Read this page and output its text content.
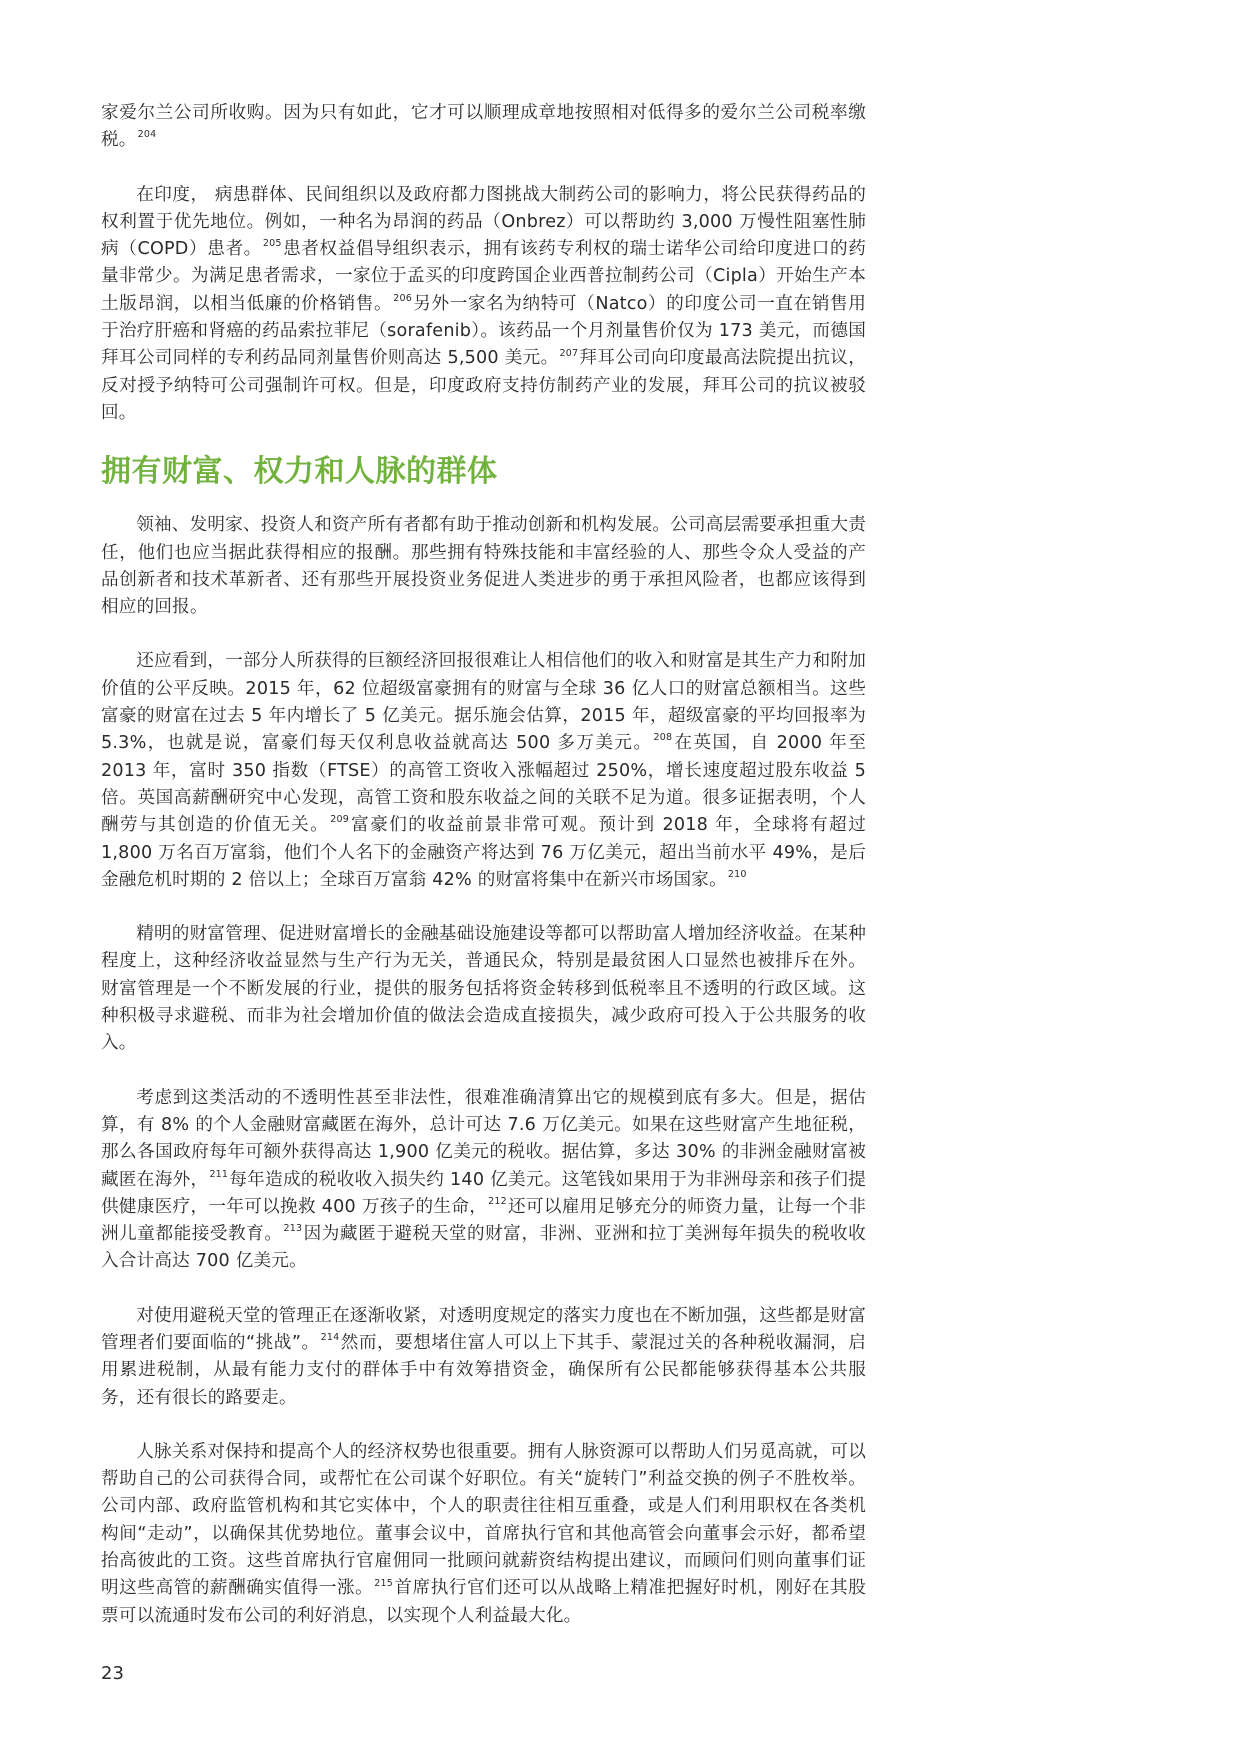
家爱尔兰公司所收购。因为只有如此，它才可以顺理成章地按照相对低得多的爱尔兰公司税率缴税。$^{204}$

在印度， 病患群体、民间组织以及政府都力图挑战大制药公司的影响力，将公民获得药品的权利置于优先地位。例如，一种名为昂润的药品（Onbrez）可以帮助约 3,000 万慢性阻塞性肺病（COPD）患者。$^{205}$患者权益倡导组织表示，拥有该药专利权的瑞士诺华公司给印度进口的药量非常少。为满足患者需求，一家位于孟买的印度跨国企业西普拉制药公司（Cipla）开始生产本土版昂润，以相当低廉的价格销售。$^{206}$另外一家名为纳特可（Natco）的印度公司一直在销售用于治疗肝癌和肾癌的药品索拉菲尼（sorafenib）。该药品一个月剂量售价仅为 173 美元，而德国拜耳公司同样的专利药品同剂量售价则高达 5,500 美元。$^{207}$拜耳公司向印度最高法院提出抗议，反对授予纳特可公司强制许可权。但是，印度政府支持仿制药产业的发展，拜耳公司的抗议被驳回。

拥有财富、权力和人脉的群体

领袖、发明家、投资人和资产所有者都有助于推动创新和机构发展。公司高层需要承担重大责任，他们也应当据此获得相应的报酬。那些拥有特殊技能和丰富经验的人、那些令众人受益的产品创新者和技术革新者、还有那些开展投资业务促进人类进步的勇于承担风险者，也都应该得到相应的回报。

还应看到，一部分人所获得的巨额经济回报很难让人相信他们的收入和财富是其生产力和附加价值的公平反映。2015 年，62 位超级富豪拥有的财富与全球 36 亿人口的财富总额相当。这些富豪的财富在过去 5 年内增长了 5 亿美元。据乐施会估算，2015 年，超级富豪的平均回报率为 5.3%，也就是说，富豪们每天仅利息收益就高达 500 多万美元。$^{208}$在英国，自 2000 年至 2013 年，富时 350 指数（FTSE）的高管工资收入涨幅超过 250%，增长速度超过股东收益 5 倍。英国高薪酬研究中心发现，高管工资和股东收益之间的关联不足为道。很多证据表明，个人酬劳与其创造的价值无关。$^{209}$富豪们的收益前景非常可观。预计到 2018 年，全球将有超过 1,800 万名百万富翁，他们个人名下的金融资产将达到 76 万亿美元，超出当前水平 49%，是后金融危机时期的 2 倍以上；全球百万富翁 42% 的财富将集中在新兴市场国家。$^{210}$

精明的财富管理、促进财富增长的金融基础设施建设等都可以帮助富人增加经济收益。在某种程度上，这种经济收益显然与生产行为无关，普通民众，特别是最贫困人口显然也被排斥在外。财富管理是一个不断发展的行业，提供的服务包括将资金转移到低税率且不透明的行政区域。这种积极寻求避税、而非为社会增加价值的做法会造成直接损失，减少政府可投入于公共服务的收入。

考虑到这类活动的不透明性甚至非法性，很难准确清算出它的规模到底有多大。但是，据估算，有 8% 的个人金融财富藏匿在海外，总计可达 7.6 万亿美元。如果在这些财富产生地征税，那么各国政府每年可额外获得高达 1,900 亿美元的税收。据估算，多达 30% 的非洲金融财富被藏匿在海外，$^{211}$每年造成的税收收入损失约 140 亿美元。这笔钱如果用于为非洲母亲和孩子们提供健康医疗，一年可以挽救 400 万孩子的生命，$^{212}$还可以雇用足够充分的师资力量，让每一个非洲儿童都能接受教育。$^{213}$因为藏匿于避税天堂的财富，非洲、亚洲和拉丁美洲每年损失的税收收入合计高达 700 亿美元。

对使用避税天堂的管理正在逐渐收紧，对透明度规定的落实力度也在不断加强，这些都是财富管理者们要面临的“挑战”。$^{214}$然而，要想堵住富人可以上下其手、蒙混过关的各种税收漏洞，启用累进税制，从最有能力支付的群体手中有效筹措资金，确保所有公民都能够获得基本公共服务，还有很长的路要走。

人脉关系对保持和提高个人的经济权势也很重要。拥有人脉资源可以帮助人们另觅高就，可以帮助自己的公司获得合同，或帮忙在公司谋个好职位。有关“旋转门”利益交换的例子不胜枚举。公司内部、政府监管机构和其它实体中，个人的职责往往相互重叠，或是人们利用职权在各类机构间“走动”，以确保其优势地位。董事会议中，首席执行官和其他高管会向董事会示好，都希望抬高彼此的工资。这些首席执行官雇佣同一批顾问就薪资结构提出建议，而顾问们则向董事们证明这些高管的薪酬确实值得一涨。$^{215}$首席执行官们还可以从战略上精准把握好时机，刚好在其股票可以流通时发布公司的利好消息，以实现个人利益最大化。

23
